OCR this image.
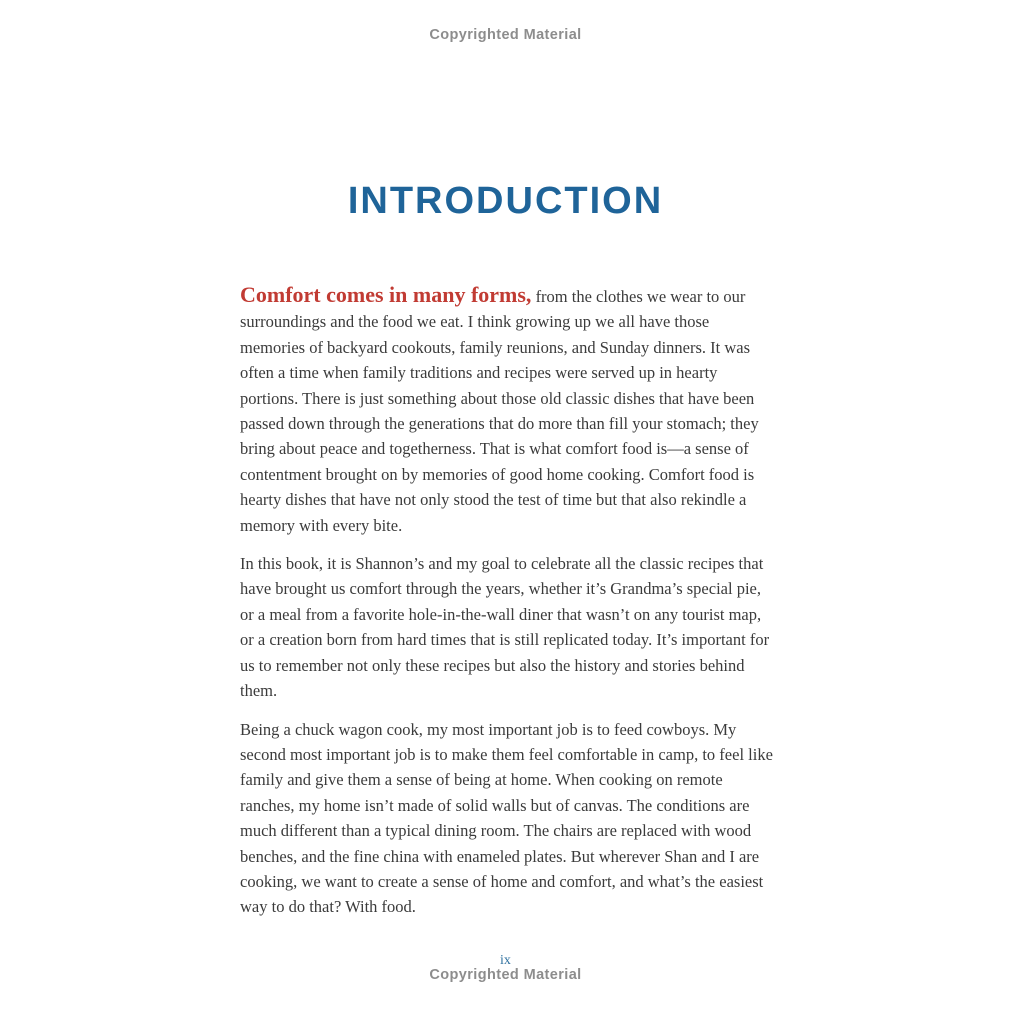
Copyrighted Material
INTRODUCTION

Comfort comes in many forms, from the clothes we wear to our surroundings and the food we eat. I think growing up we all have those memories of backyard cookouts, family reunions, and Sunday dinners. It was often a time when family traditions and recipes were served up in hearty portions. There is just something about those old classic dishes that have been passed down through the generations that do more than fill your stomach; they bring about peace and togetherness. That is what comfort food is—a sense of contentment brought on by memories of good home cooking. Comfort food is hearty dishes that have not only stood the test of time but that also rekindle a memory with every bite.

In this book, it is Shannon’s and my goal to celebrate all the classic recipes that have brought us comfort through the years, whether it’s Grandma’s special pie, or a meal from a favorite hole-in-the-wall diner that wasn’t on any tourist map, or a creation born from hard times that is still replicated today. It’s important for us to remember not only these recipes but also the history and stories behind them.

Being a chuck wagon cook, my most important job is to feed cowboys. My second most important job is to make them feel comfortable in camp, to feel like family and give them a sense of being at home. When cooking on remote ranches, my home isn’t made of solid walls but of canvas. The conditions are much different than a typical dining room. The chairs are replaced with wood benches, and the fine china with enameled plates. But wherever Shan and I are cooking, we want to create a sense of home and comfort, and what’s the easiest way to do that? With food.

ix
Copyrighted Material
